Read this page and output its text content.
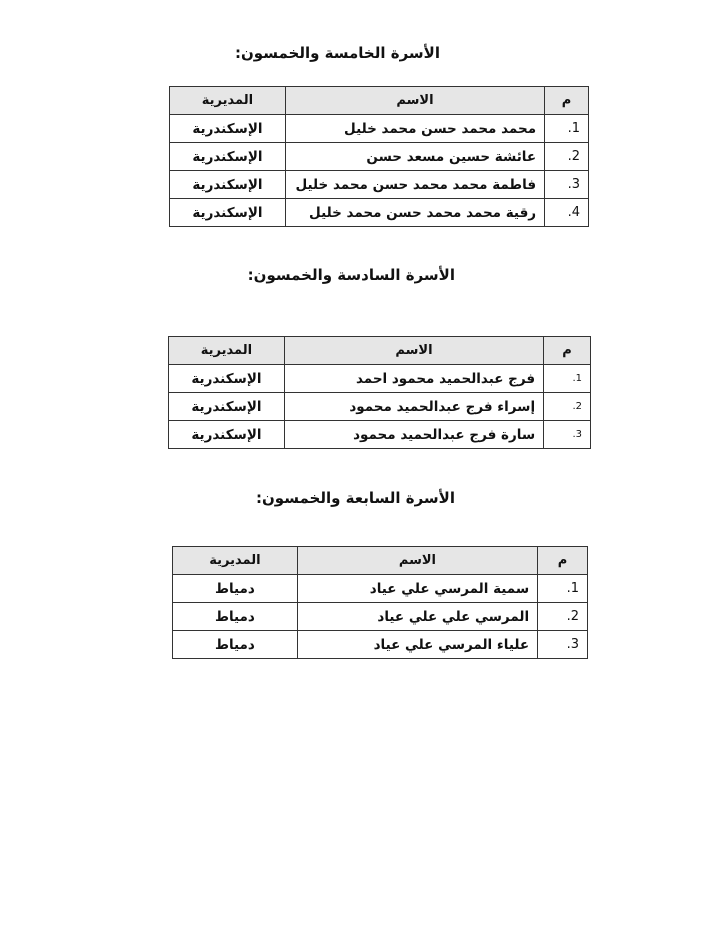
الأسرة الخامسة والخمسون:
م	الاسم	المديرية
1.	محمد محمد حسن محمد خليل	الإسكندرية
2.	عائشة حسين مسعد حسن	الإسكندرية
3.	فاطمة محمد محمد حسن محمد خليل	الإسكندرية
4.	رقية محمد محمد حسن محمد خليل	الإسكندرية
الأسرة السادسة والخمسون:
م	الاسم	المديرية
1.	فرج عبدالحميد محمود احمد	الإسكندرية
2.	إسراء فرج عبدالحميد محمود	الإسكندرية
3.	سارة فرج عبدالحميد محمود	الإسكندرية
الأسرة السابعة والخمسون:
م	الاسم	المديرية
1.	سمية المرسي علي عياد	دمياط
2.	المرسي علي علي عياد	دمياط
3.	علياء المرسي علي عياد	دمياط
